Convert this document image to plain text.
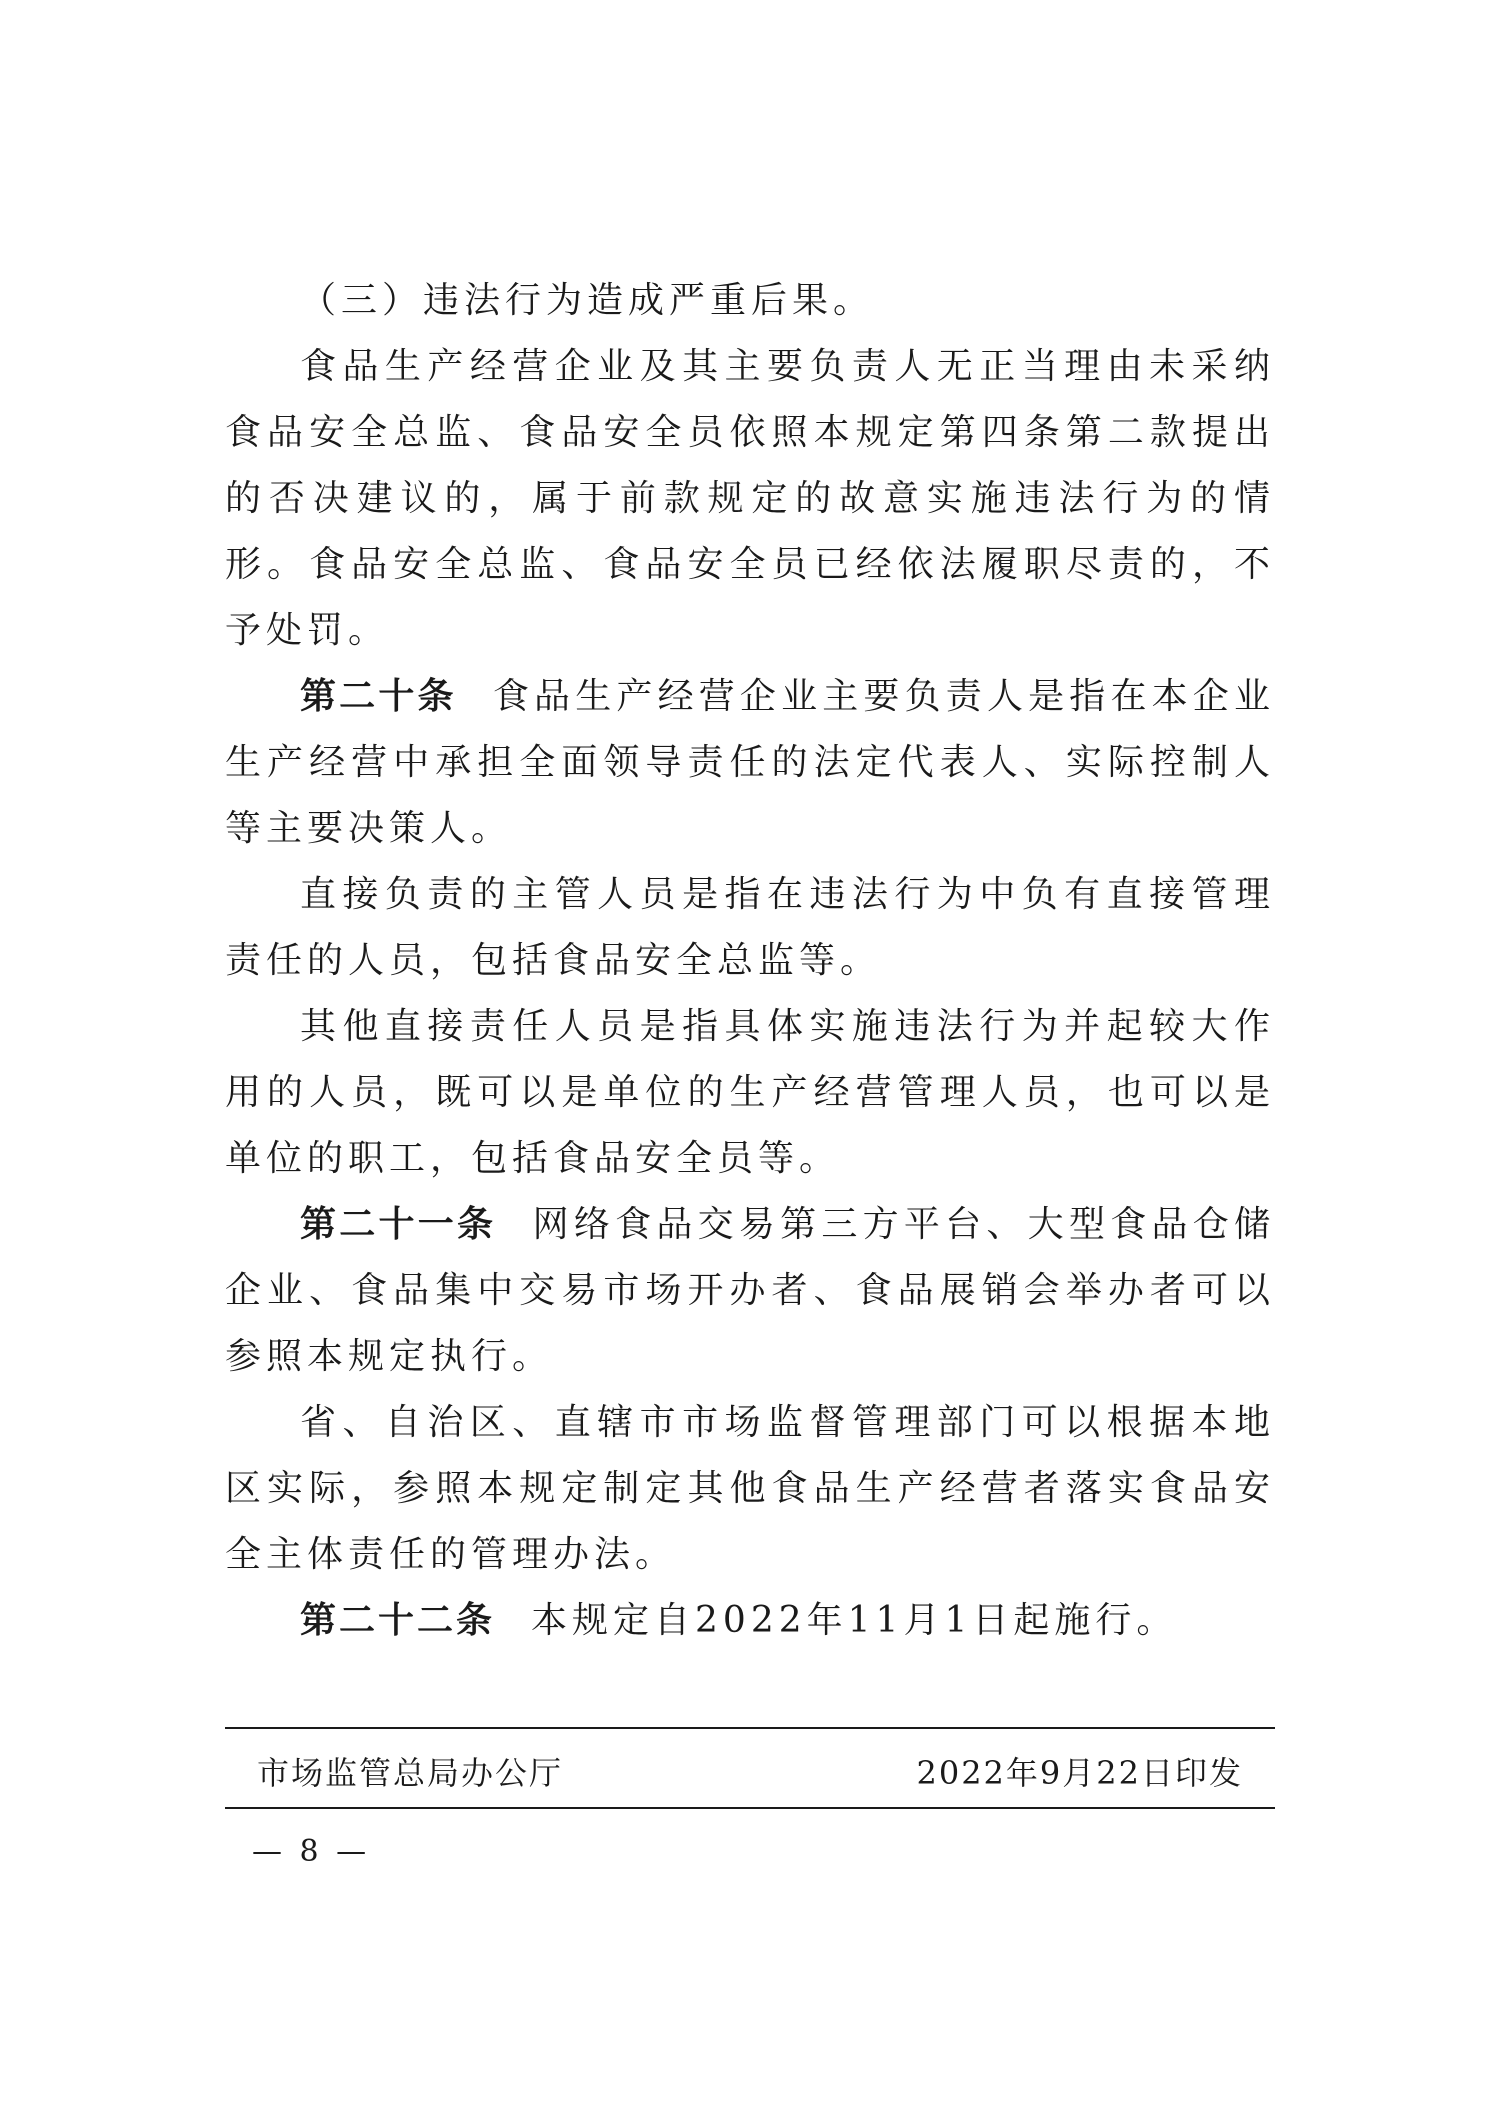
（三）违法行为造成严重后果。

食品生产经营企业及其主要负责人无正当理由未采纳食品安全总监、食品安全员依照本规定第四条第二款提出的否决建议的，属于前款规定的故意实施违法行为的情形。食品安全总监、食品安全员已经依法履职尽责的，不予处罚。

第二十条 食品生产经营企业主要负责人是指在本企业生产经营中承担全面领导责任的法定代表人、实际控制人等主要决策人。

直接负责的主管人员是指在违法行为中负有直接管理责任的人员，包括食品安全总监等。

其他直接责任人员是指具体实施违法行为并起较大作用的人员，既可以是单位的生产经营管理人员，也可以是单位的职工，包括食品安全员等。

第二十一条 网络食品交易第三方平台、大型食品仓储企业、食品集中交易市场开办者、食品展销会举办者可以参照本规定执行。

省、自治区、直辖市市场监督管理部门可以根据本地区实际，参照本规定制定其他食品生产经营者落实食品安全主体责任的管理办法。

第二十二条 本规定自2022年11月1日起施行。

市场监管总局办公厅	2022年9月22日印发
— 8 —
